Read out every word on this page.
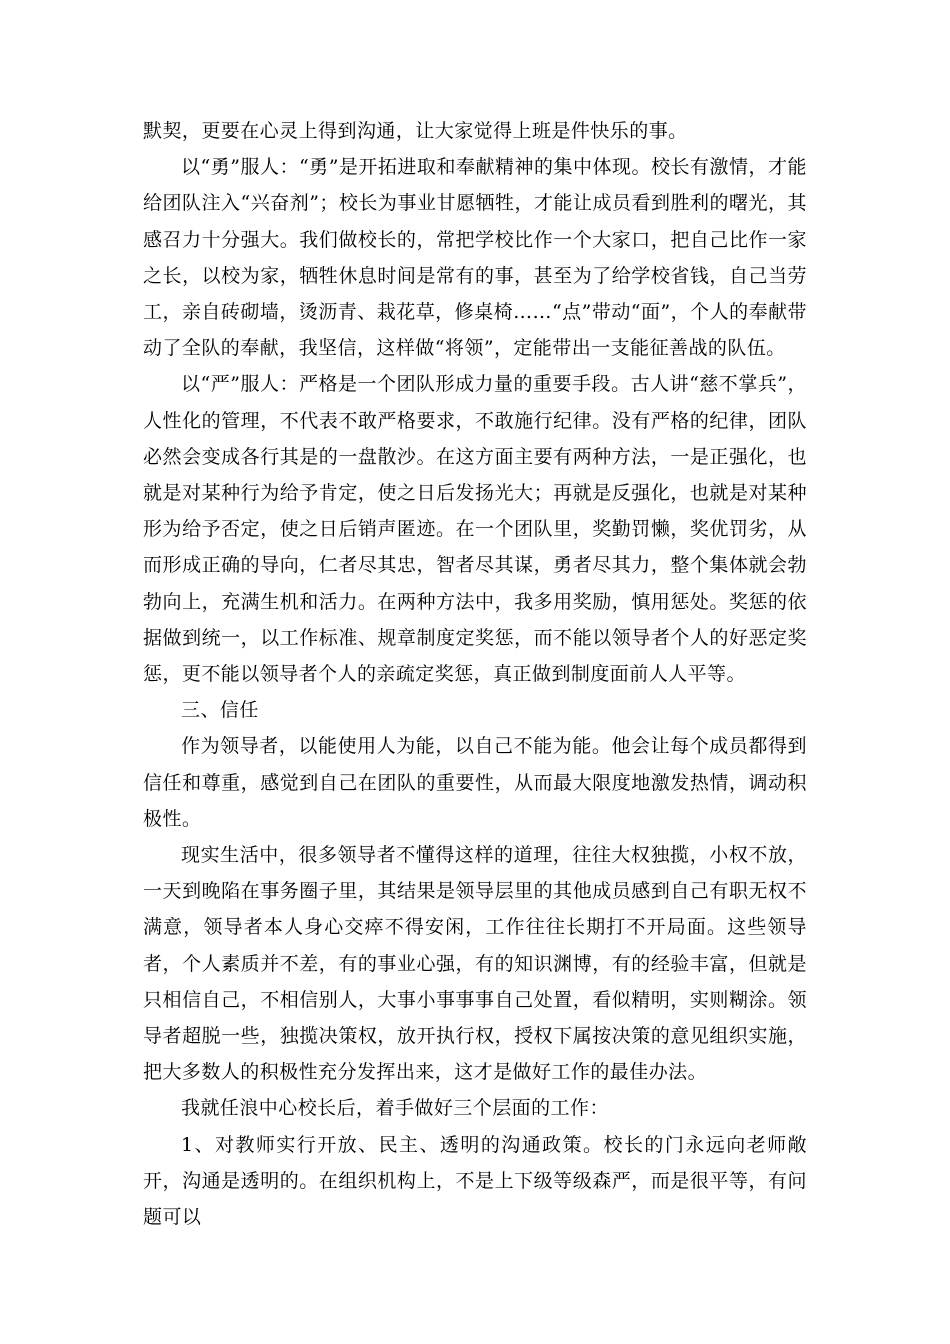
默契，更要在心灵上得到沟通，让大家觉得上班是件快乐的事。

以“勇”服人：“勇”是开拓进取和奉献精神的集中体现。校长有激情，才能给团队注入“兴奋剂”；校长为事业甘愿牺牲，才能让成员看到胜利的曙光，其感召力十分强大。我们做校长的，常把学校比作一个大家口，把自己比作一家之长，以校为家，牺牲休息时间是常有的事，甚至为了给学校省钱，自己当劳工，亲自砖砌墙，烫沥青、栽花草，修桌椅……“点”带动“面”，个人的奉献带动了全队的奉献，我坚信，这样做“将领”，定能带出一支能征善战的队伍。

以“严”服人：严格是一个团队形成力量的重要手段。古人讲“慈不掌兵”，人性化的管理，不代表不敢严格要求，不敢施行纪律。没有严格的纪律，团队必然会变成各行其是的一盘散沙。在这方面主要有两种方法，一是正强化，也就是对某种行为给予肯定，使之日后发扬光大；再就是反强化，也就是对某种形为给予否定，使之日后销声匿迹。在一个团队里，奖勤罚懒，奖优罚劣，从而形成正确的导向，仁者尽其忠，智者尽其谋，勇者尽其力，整个集体就会勃勃向上，充满生机和活力。在两种方法中，我多用奖励，慎用惩处。奖惩的依据做到统一，以工作标准、规章制度定奖惩，而不能以领导者个人的好恶定奖惩，更不能以领导者个人的亲疏定奖惩，真正做到制度面前人人平等。

三、信任

作为领导者，以能使用人为能，以自己不能为能。他会让每个成员都得到信任和尊重，感觉到自己在团队的重要性，从而最大限度地激发热情，调动积极性。

现实生活中，很多领导者不懂得这样的道理，往往大权独揽，小权不放，一天到晚陷在事务圈子里，其结果是领导层里的其他成员感到自己有职无权不满意，领导者本人身心交瘁不得安闲，工作往往长期打不开局面。这些领导者，个人素质并不差，有的事业心强，有的知识渊博，有的经验丰富，但就是只相信自己，不相信别人，大事小事事事自己处置，看似精明，实则糊涂。领导者超脱一些，独揽决策权，放开执行权，授权下属按决策的意见组织实施，把大多数人的积极性充分发挥出来，这才是做好工作的最佳办法。

我就任浪中心校长后，着手做好三个层面的工作：

1、对教师实行开放、民主、透明的沟通政策。校长的门永远向老师敞开，沟通是透明的。在组织机构上，不是上下级等级森严，而是很平等，有问题可以
